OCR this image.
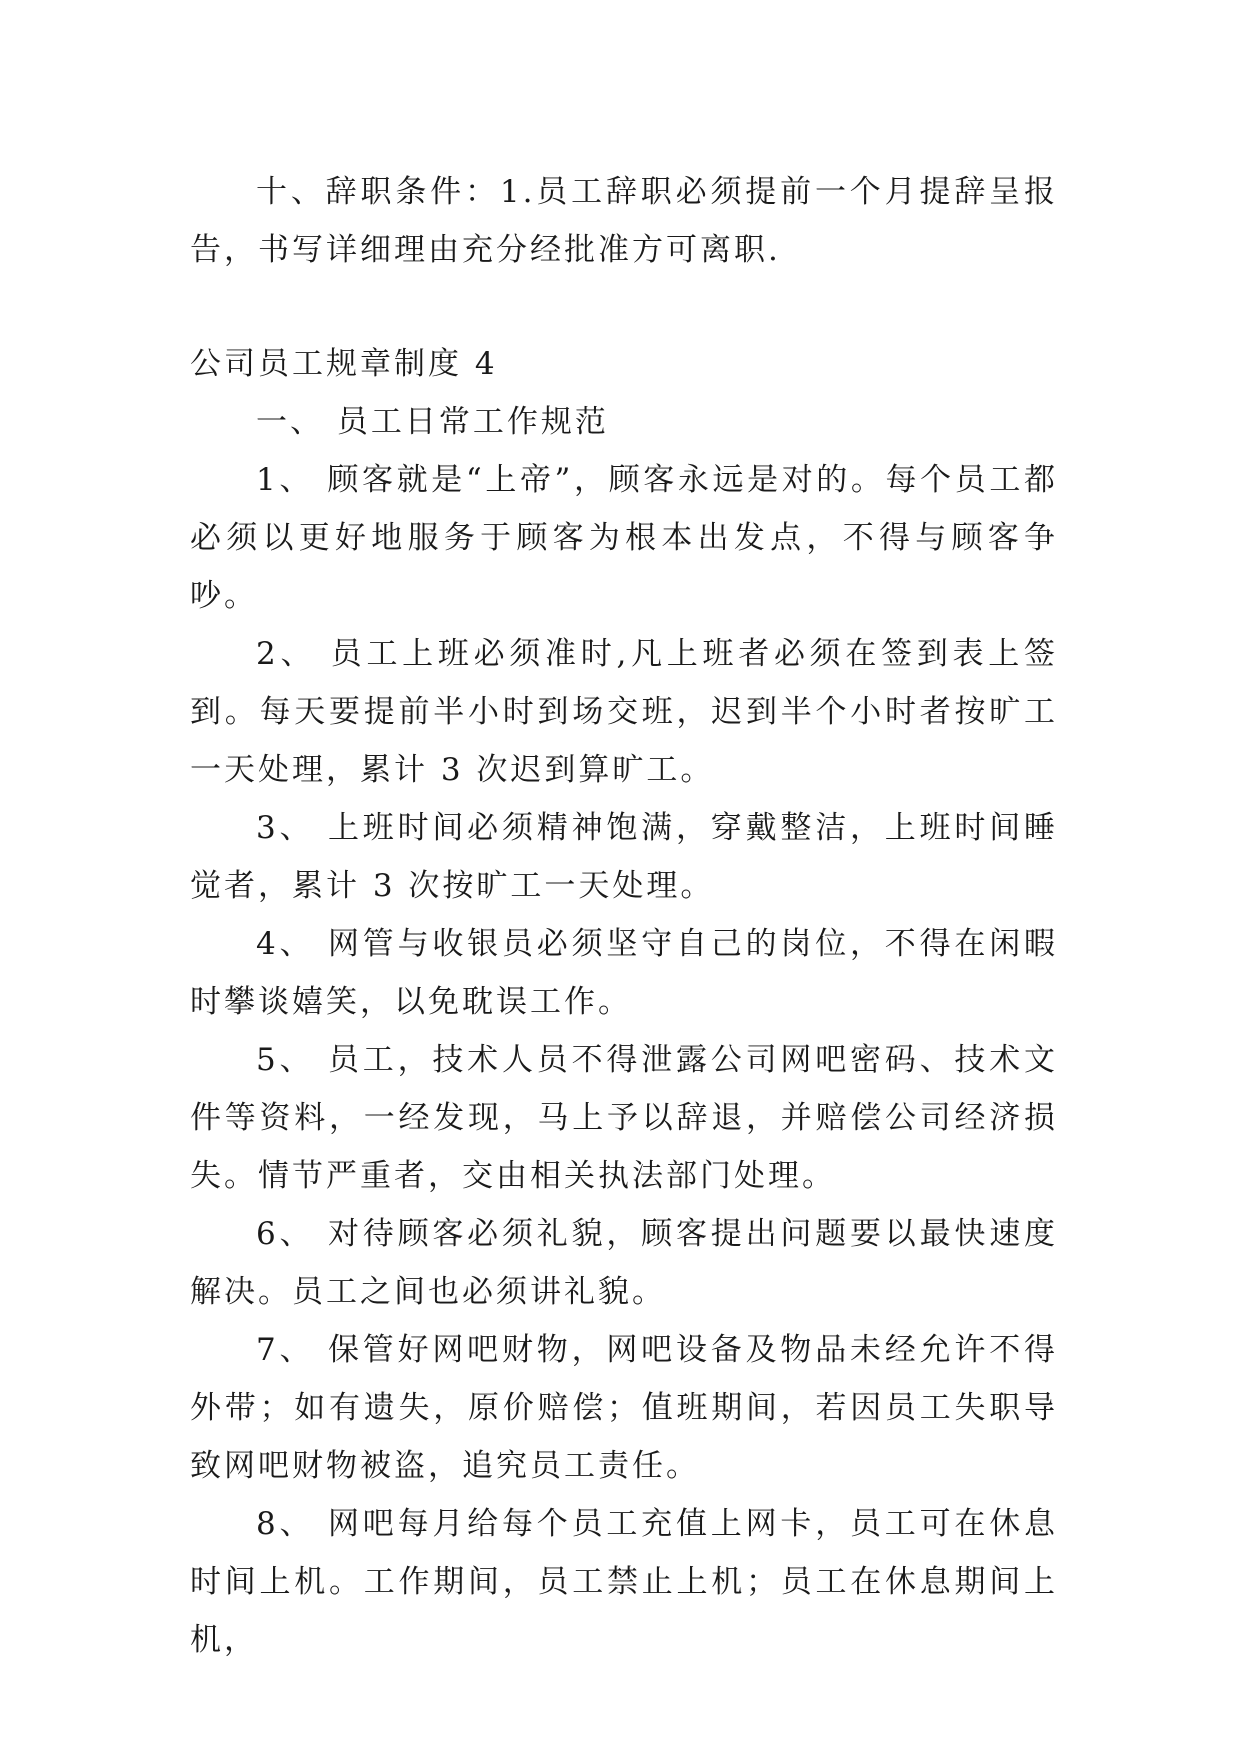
十、辞职条件：1.员工辞职必须提前一个月提辞呈报告，书写详细理由充分经批准方可离职.

公司员工规章制度 4

一、 员工日常工作规范

1、 顾客就是“上帝”，顾客永远是对的。每个员工都必须以更好地服务于顾客为根本出发点，不得与顾客争吵。

2、 员工上班必须准时,凡上班者必须在签到表上签到。每天要提前半小时到场交班，迟到半个小时者按旷工一天处理，累计 3 次迟到算旷工。

3、 上班时间必须精神饱满，穿戴整洁，上班时间睡觉者，累计 3 次按旷工一天处理。

4、 网管与收银员必须坚守自己的岗位，不得在闲暇时攀谈嬉笑，以免耽误工作。

5、 员工，技术人员不得泄露公司网吧密码、技术文件等资料，一经发现，马上予以辞退，并赔偿公司经济损失。情节严重者，交由相关执法部门处理。

6、 对待顾客必须礼貌，顾客提出问题要以最快速度解决。员工之间也必须讲礼貌。

7、 保管好网吧财物，网吧设备及物品未经允许不得外带；如有遗失，原价赔偿；值班期间，若因员工失职导致网吧财物被盗，追究员工责任。

8、 网吧每月给每个员工充值上网卡，员工可在休息时间上机。工作期间，员工禁止上机；员工在休息期间上机，
